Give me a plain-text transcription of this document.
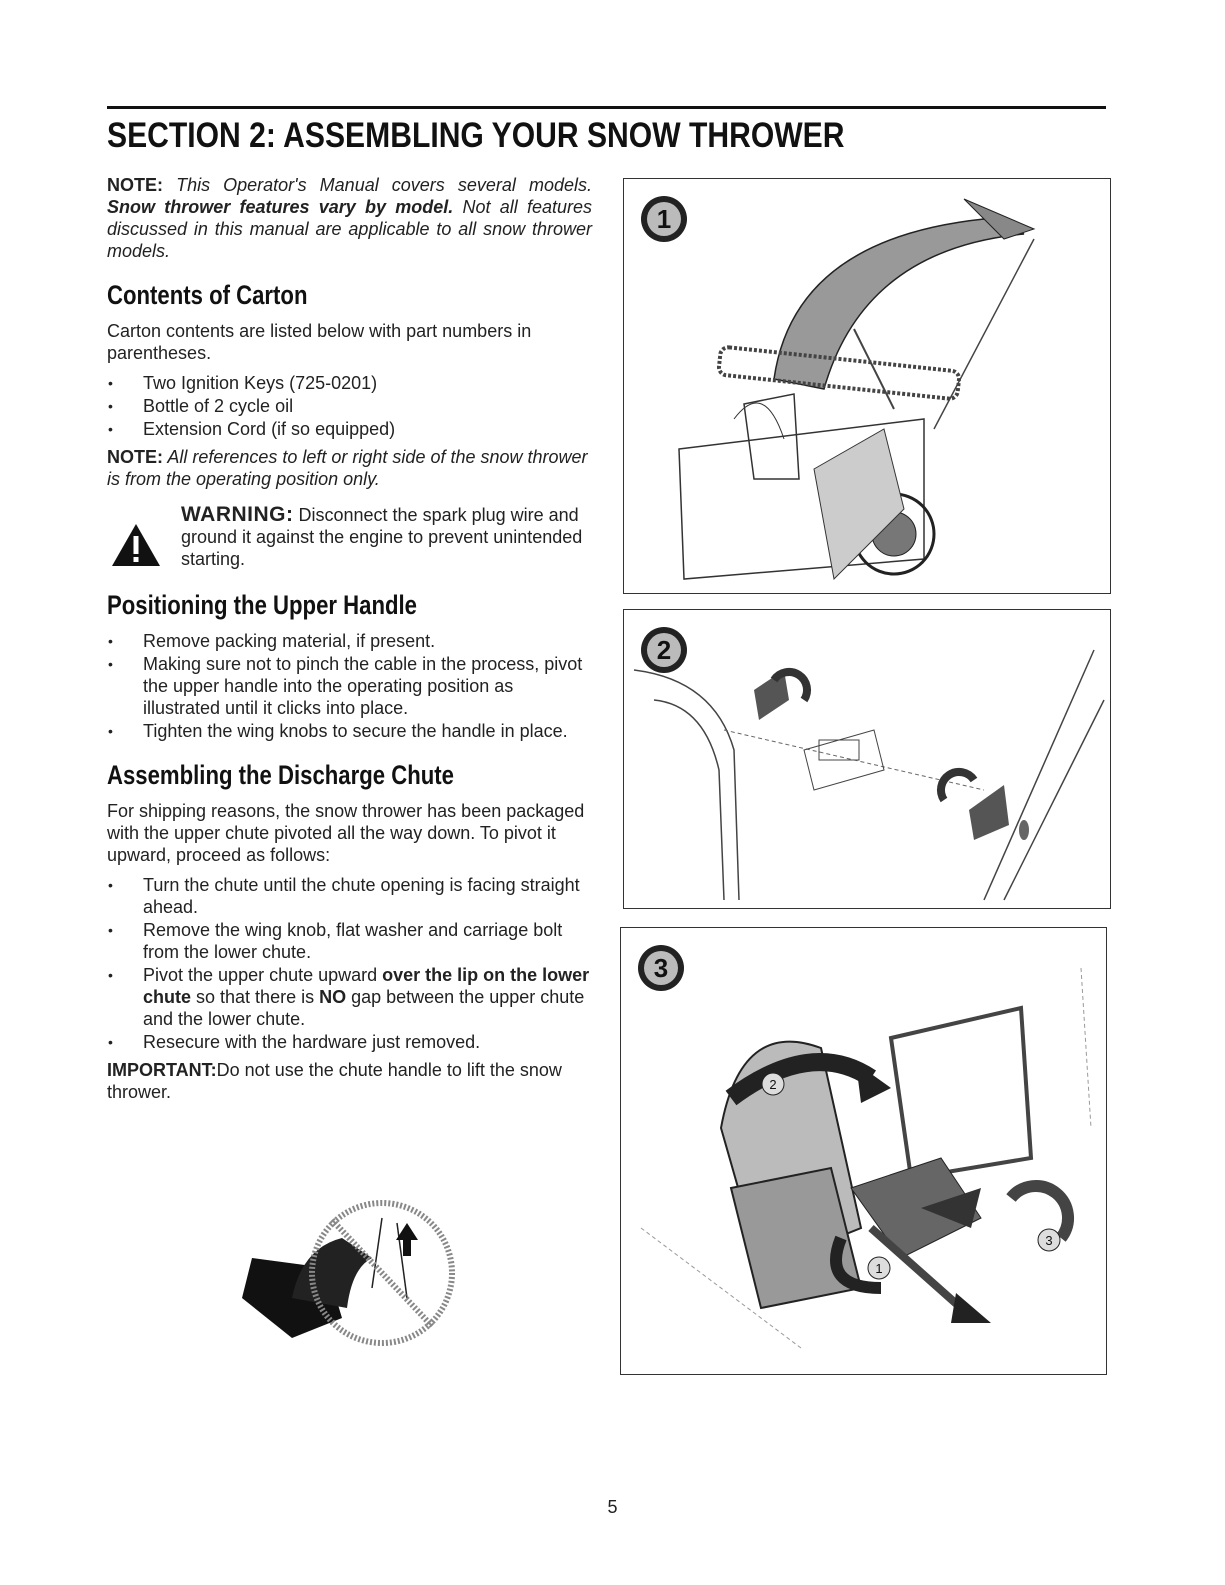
SECTION 2: ASSEMBLING YOUR SNOW THROWER

NOTE: This Operator's Manual covers several models. Snow thrower features vary by model. Not all features discussed in this manual are applicable to all snow thrower models.

Contents of Carton

Carton contents are listed below with part numbers in parentheses.

• Two Ignition Keys (725-0201)
• Bottle of 2 cycle oil
• Extension Cord (if so equipped)

NOTE: All references to left or right side of the snow thrower is from the operating position only.

WARNING: Disconnect the spark plug wire and ground it against the engine to prevent unintended starting.
Positioning the Upper Handle
• Remove packing material, if present.
• Making sure not to pinch the cable in the process, pivot the upper handle into the operating position as illustrated until it clicks into place.
• Tighten the wing knobs to secure the handle in place.
Assembling the Discharge Chute

For shipping reasons, the snow thrower has been packaged with the upper chute pivoted all the way down. To pivot it upward, proceed as follows:

• Turn the chute until the chute opening is facing straight ahead.
• Remove the wing knob, flat washer and carriage bolt from the lower chute.
• Pivot the upper chute upward over the lip on the lower chute so that there is NO gap between the upper chute and the lower chute.
• Resecure with the hardware just removed.

IMPORTANT:Do not use the chute handle to lift the snow thrower.

1
2
3
2
1
3
5
